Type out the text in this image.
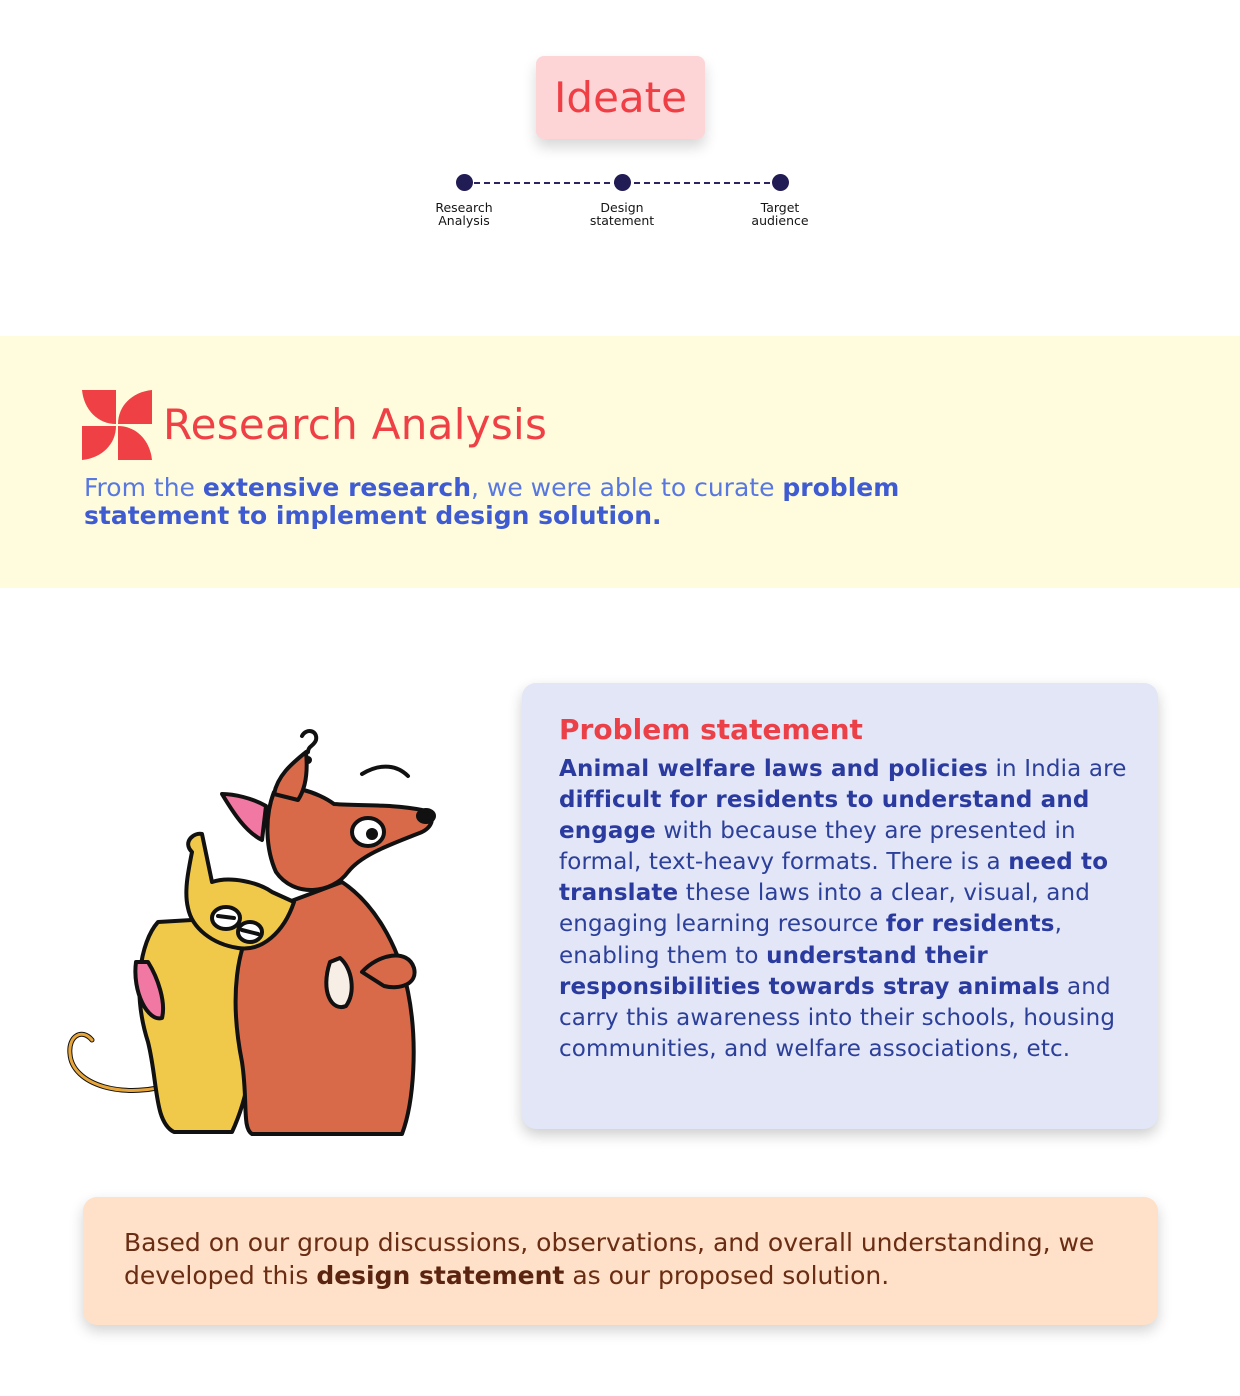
Ideate
Research
Analysis
Design
statement
Target
audience
Research Analysis

From the extensive research, we were able to curate problem statement to implement design solution.

Problem statement

Animal welfare laws and policies in India are difficult for residents to understand and engage with because they are presented in formal, text-heavy formats. There is a need to translate these laws into a clear, visual, and engaging learning resource for residents, enabling them to understand their responsibilities towards stray animals and carry this awareness into their schools, housing communities, and welfare associations, etc.

Based on our group discussions, observations, and overall understanding, we developed this design statement as our proposed solution.
